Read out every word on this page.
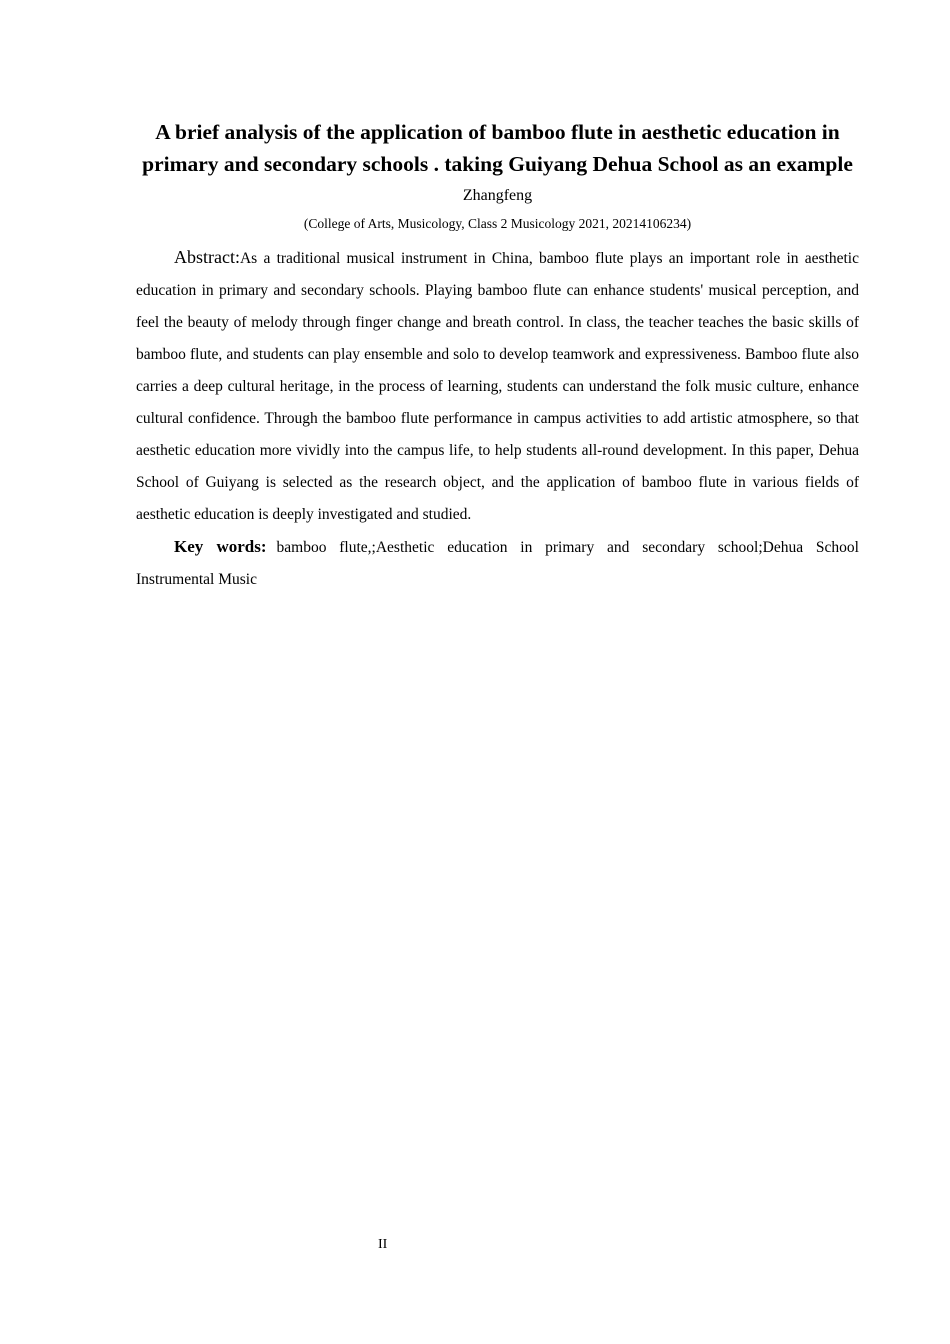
A brief analysis of the application of bamboo flute in aesthetic education in primary and secondary schools . taking Guiyang Dehua School as an example
Zhangfeng
(College of Arts, Musicology, Class 2 Musicology 2021, 20214106234)

Abstract:As a traditional musical instrument in China, bamboo flute plays an important role in aesthetic education in primary and secondary schools. Playing bamboo flute can enhance students' musical perception, and feel the beauty of melody through finger change and breath control. In class, the teacher teaches the basic skills of bamboo flute, and students can play ensemble and solo to develop teamwork and expressiveness. Bamboo flute also carries a deep cultural heritage, in the process of learning, students can understand the folk music culture, enhance cultural confidence. Through the bamboo flute performance in campus activities to add artistic atmosphere, so that aesthetic education more vividly into the campus life, to help students all-round development. In this paper, Dehua School of Guiyang is selected as the research object, and the application of bamboo flute in various fields of aesthetic education is deeply investigated and studied.

Key words: bamboo flute,;Aesthetic education in primary and secondary school;Dehua School Instrumental Music

II
